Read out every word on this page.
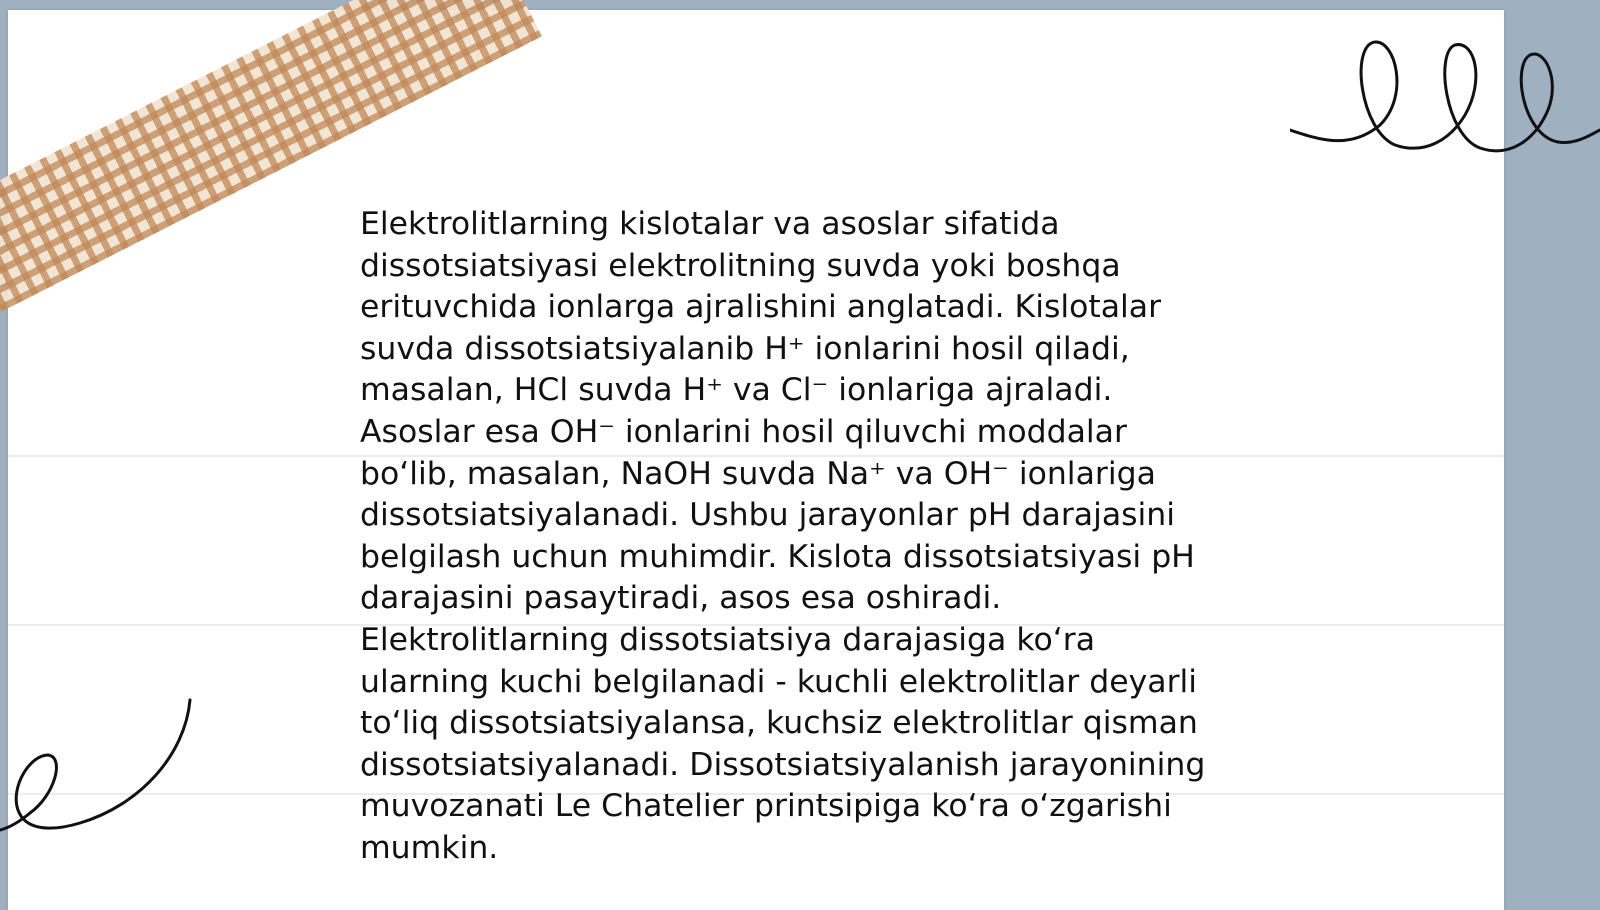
Elektrolitlarning kislotalar va asoslar sifatida
dissotsiatsiyasi elektrolitning suvda yoki boshqa
erituvchida ionlarga ajralishini anglatadi. Kislotalar
suvda dissotsiatsiyalanib H⁺ ionlarini hosil qiladi,
masalan, HCl suvda H⁺ va Cl⁻ ionlariga ajraladi.
Asoslar esa OH⁻ ionlarini hosil qiluvchi moddalar
boʻlib, masalan, NaOH suvda Na⁺ va OH⁻ ionlariga
dissotsiatsiyalanadi. Ushbu jarayonlar pH darajasini
belgilash uchun muhimdir. Kislota dissotsiatsiyasi pH
darajasini pasaytiradi, asos esa oshiradi.
Elektrolitlarning dissotsiatsiya darajasiga koʻra
ularning kuchi belgilanadi - kuchli elektrolitlar deyarli
toʻliq dissotsiatsiyalansa, kuchsiz elektrolitlar qisman
dissotsiatsiyalanadi. Dissotsiatsiyalanish jarayonining
muvozanati Le Chatelier printsipiga koʻra oʻzgarishi
mumkin.
